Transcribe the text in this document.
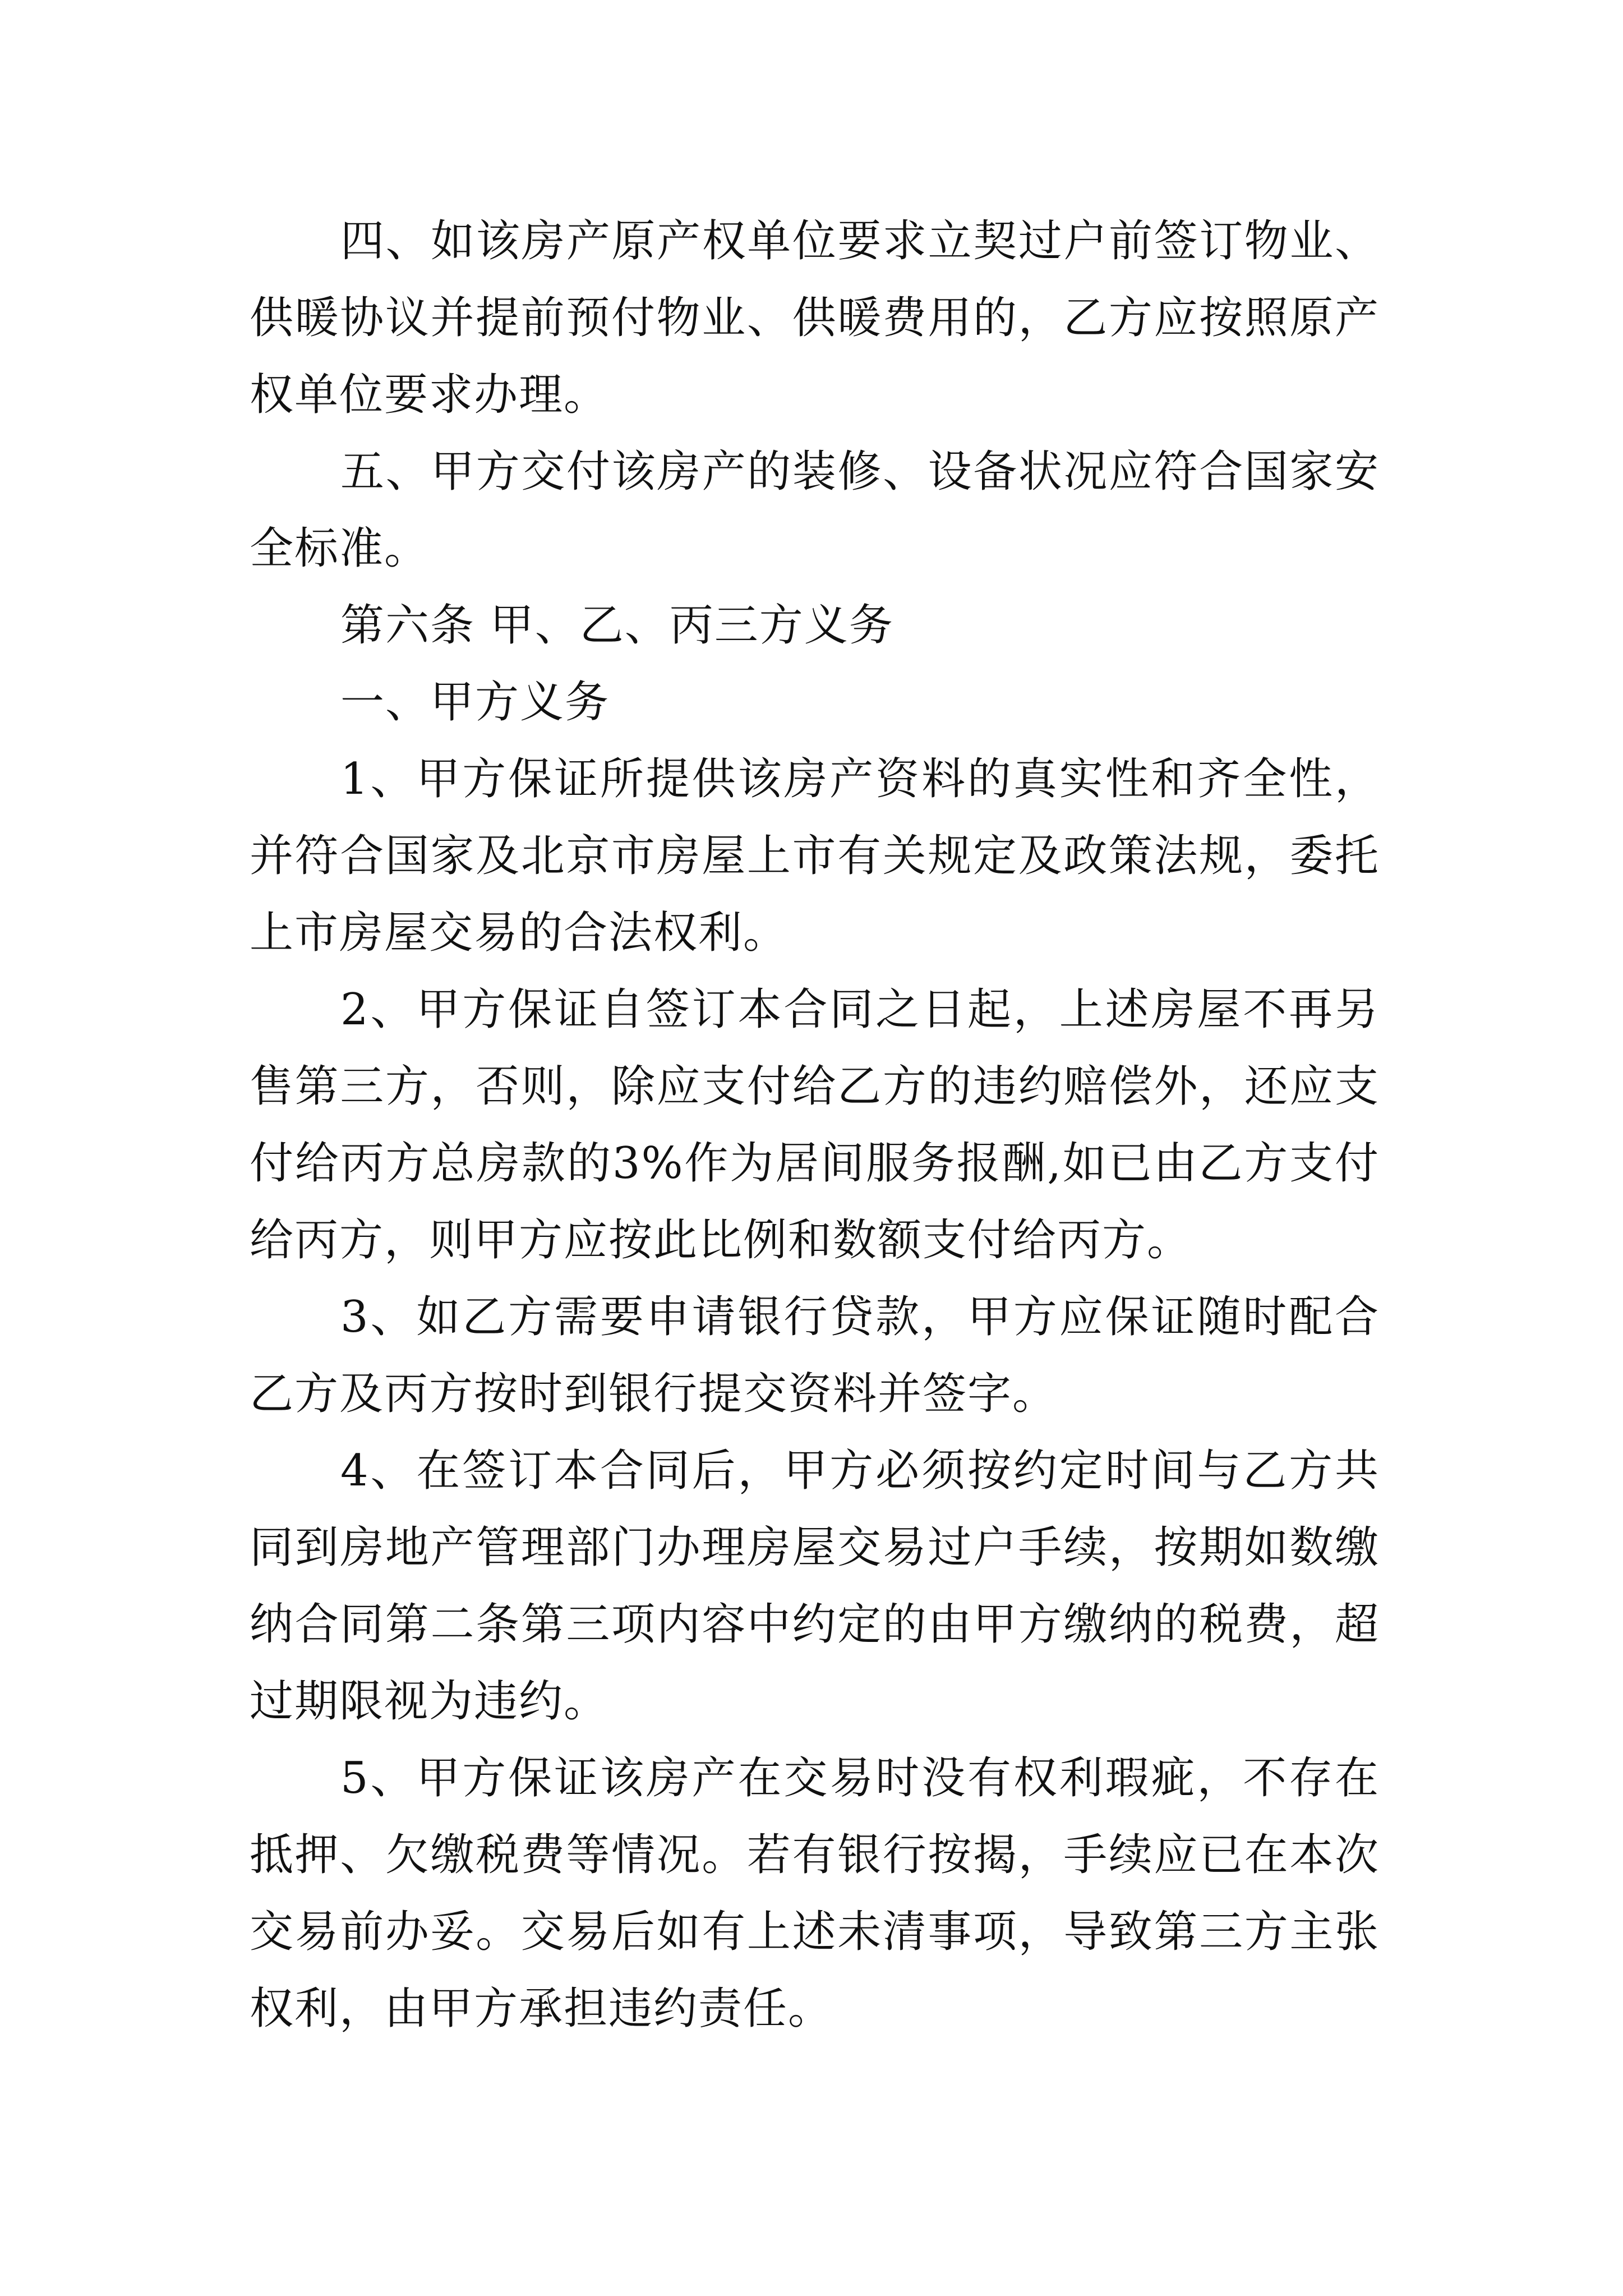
四、如该房产原产权单位要求立契过户前签订物业、供暖协议并提前预付物业、供暖费用的，乙方应按照原产权单位要求办理。

五、甲方交付该房产的装修、设备状况应符合国家安全标准。

第六条 甲、乙、丙三方义务

一、甲方义务

1、甲方保证所提供该房产资料的真实性和齐全性，并符合国家及北京市房屋上市有关规定及政策法规，委托上市房屋交易的合法权利。

2、甲方保证自签订本合同之日起，上述房屋不再另售第三方，否则，除应支付给乙方的违约赔偿外，还应支付给丙方总房款的3%作为居间服务报酬,如已由乙方支付给丙方，则甲方应按此比例和数额支付给丙方。

3、如乙方需要申请银行贷款，甲方应保证随时配合乙方及丙方按时到银行提交资料并签字。

4、在签订本合同后，甲方必须按约定时间与乙方共同到房地产管理部门办理房屋交易过户手续，按期如数缴纳合同第二条第三项内容中约定的由甲方缴纳的税费，超过期限视为违约。

5、甲方保证该房产在交易时没有权利瑕疵，不存在抵押、欠缴税费等情况。若有银行按揭，手续应已在本次交易前办妥。交易后如有上述未清事项，导致第三方主张权利，由甲方承担违约责任。
